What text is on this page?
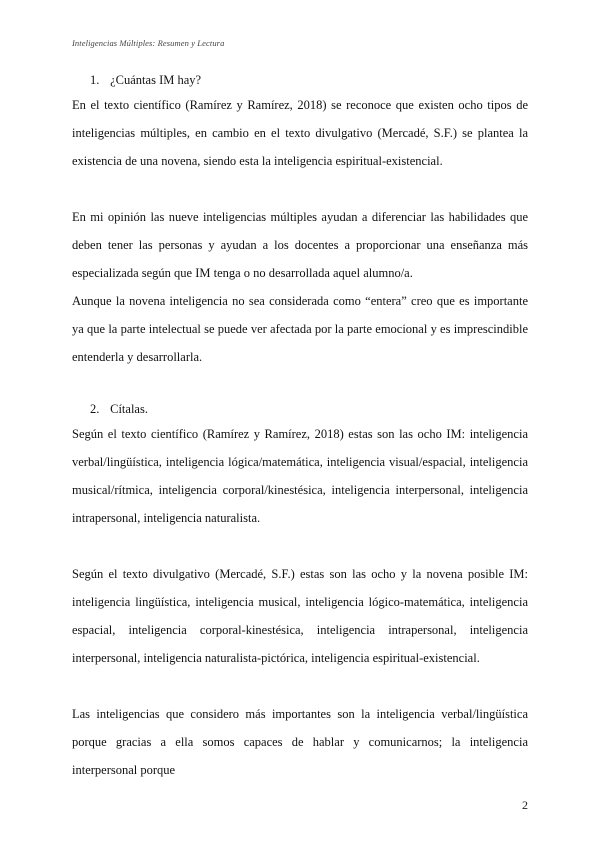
Inteligencias Múltiples: Resumen y Lectura
1. ¿Cuántas IM hay?

En el texto científico (Ramírez y Ramírez, 2018) se reconoce que existen ocho tipos de inteligencias múltiples, en cambio en el texto divulgativo (Mercadé, S.F.) se plantea la existencia de una novena, siendo esta la inteligencia espiritual-existencial.

En mi opinión las nueve inteligencias múltiples ayudan a diferenciar las habilidades que deben tener las personas y ayudan a los docentes a proporcionar una enseñanza más especializada según que IM tenga o no desarrollada aquel alumno/a.

Aunque la novena inteligencia no sea considerada como “entera” creo que es importante ya que la parte intelectual se puede ver afectada por la parte emocional y es imprescindible entenderla y desarrollarla.

2. Cítalas.

Según el texto científico (Ramírez y Ramírez, 2018) estas son las ocho IM: inteligencia verbal/lingüística, inteligencia lógica/matemática, inteligencia visual/espacial, inteligencia musical/rítmica, inteligencia corporal/kinestésica, inteligencia interpersonal, inteligencia intrapersonal, inteligencia naturalista.

Según el texto divulgativo (Mercadé, S.F.) estas son las ocho y la novena posible IM: inteligencia lingüística, inteligencia musical, inteligencia lógico-matemática, inteligencia espacial, inteligencia corporal-kinestésica, inteligencia intrapersonal, inteligencia interpersonal, inteligencia naturalista-pictórica, inteligencia espiritual-existencial.

Las inteligencias que considero más importantes son la inteligencia verbal/lingüística porque gracias a ella somos capaces de hablar y comunicarnos; la inteligencia interpersonal porque

2
